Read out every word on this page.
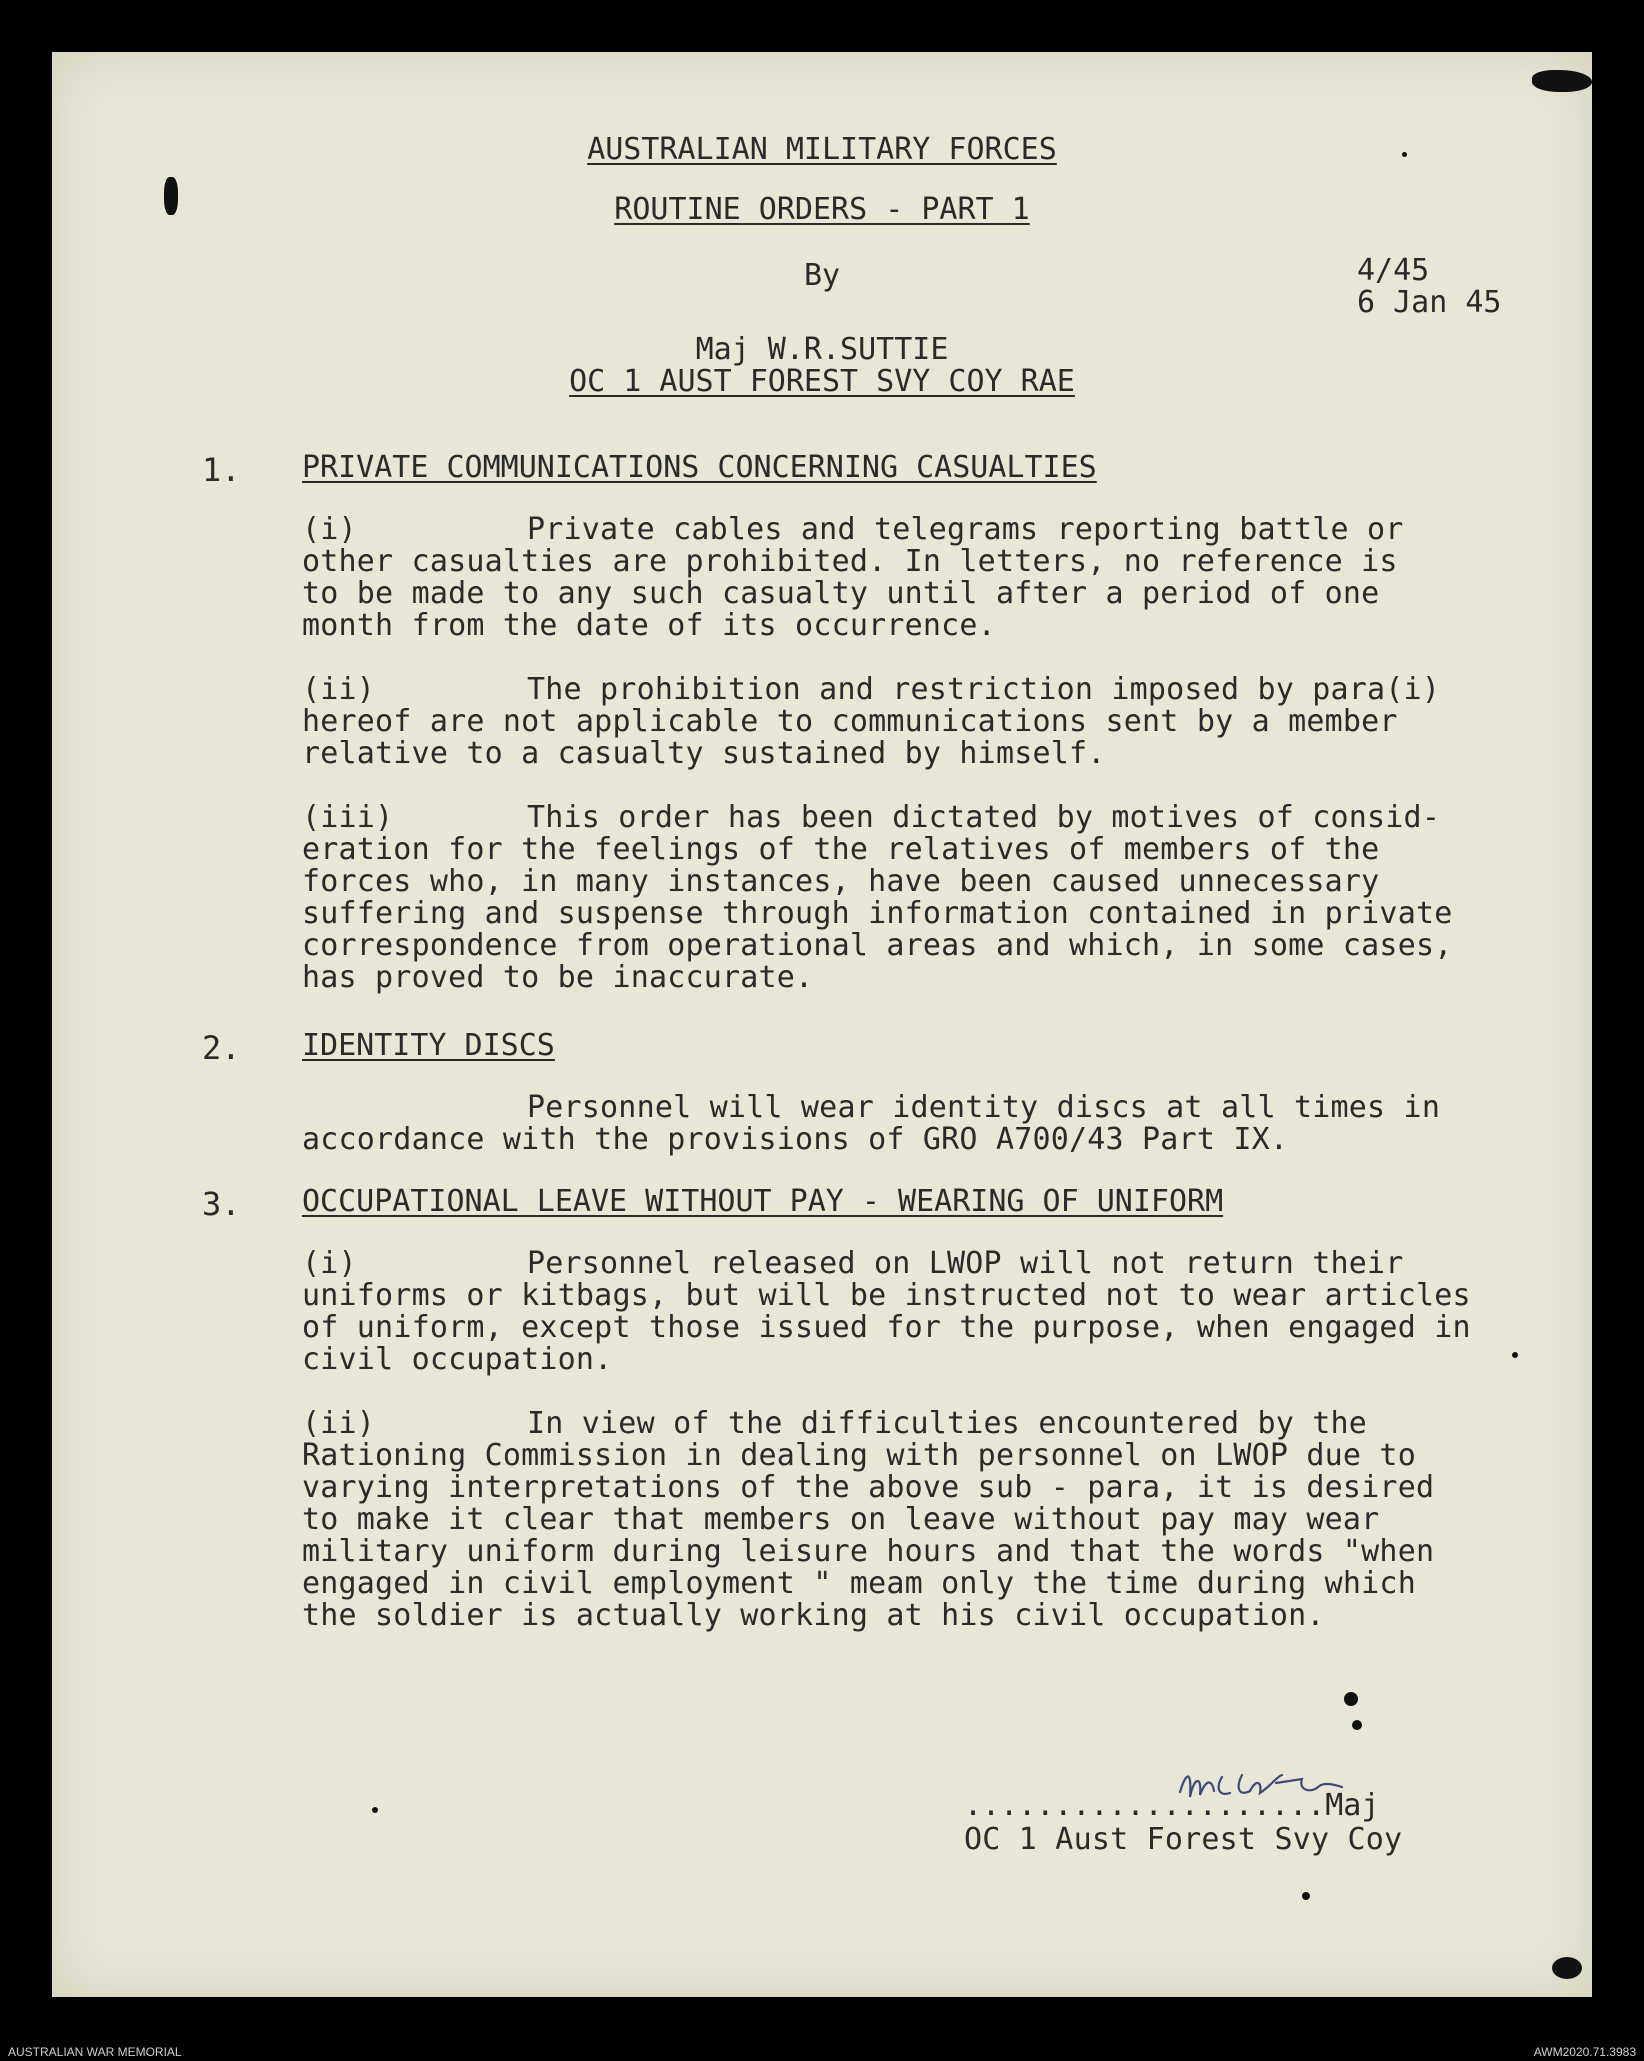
AUSTRALIAN MILITARY FORCES
ROUTINE ORDERS - PART 1
By	4/45
6 Jan 45
Maj W.R.SUTTIE
OC 1 AUST FOREST SVY COY RAE
1. PRIVATE COMMUNICATIONS CONCERNING CASUALTIES
(i)	Private cables and telegrams reporting battle or
other casualties are prohibited. In letters, no reference is
to be made to any such casualty until after a period of one
month from the date of its occurrence.
(ii)	The prohibition and restriction imposed by para(i)
hereof are not applicable to communications sent by a member
relative to a casualty sustained by himself.
(iii)	This order has been dictated by motives of consid-
eration for the feelings of the relatives of members of the
forces who, in many instances, have been caused unnecessary
suffering and suspense through information contained in private
correspondence from operational areas and which, in some cases,
has proved to be inaccurate.
2. IDENTITY DISCS
Personnel will wear identity discs at all times in
accordance with the provisions of GRO A700/43 Part IX.
3. OCCUPATIONAL LEAVE WITHOUT PAY - WEARING OF UNIFORM
(i)	Personnel released on LWOP will not return their
uniforms or kitbags, but will be instructed not to wear articles
of uniform, except those issued for the purpose, when engaged in
civil occupation.
(ii)	In view of the difficulties encountered by the
Rationing Commission in dealing with personnel on LWOP due to
varying interpretations of the above sub - para, it is desired
to make it clear that members on leave without pay may wear
military uniform during leisure hours and that the words "when
engaged in civil employment " meam only the time during which
the soldier is actually working at his civil occupation.
....................Maj
OC 1 Aust Forest Svy Coy
AUSTRALIAN WAR MEMORIAL	AWM2020.71.3983
